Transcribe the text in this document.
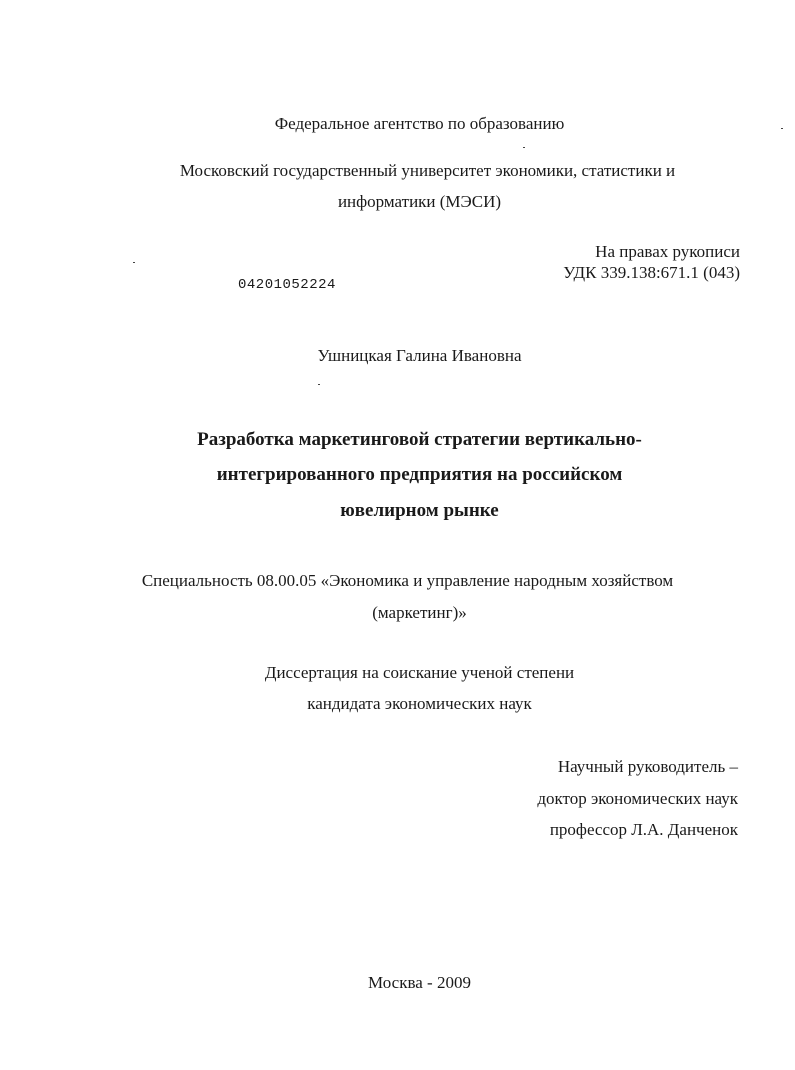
Федеральное агентство по образованию
Московский государственный университет экономики, статистики и
информатики (МЭСИ)
На правах рукописи
УДК 339.138:671.1 (043)
04201052224
Ушницкая Галина Ивановна
Разработка маркетинговой стратегии вертикально-
интегрированного предприятия на российском
ювелирном рынке
Специальность 08.00.05 «Экономика и управление народным хозяйством
(маркетинг)»
Диссертация на соискание ученой степени
кандидата экономических наук
Научный руководитель –
доктор экономических наук
профессор Л.А. Данченок
Москва - 2009
